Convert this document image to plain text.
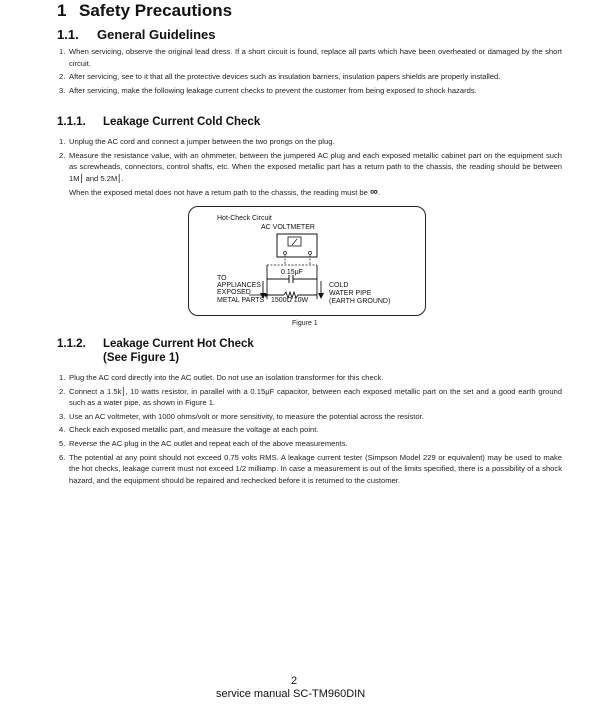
1 Safety Precautions
1.1. General Guidelines
1. When servicing, observe the original lead dress. If a short circuit is found, replace all parts which have been overheated or damaged by the short circuit.
2. After servicing, see to it that all the protective devices such as insulation barriers, insulation papers shields are properly installed.
3. After servicing, make the following leakage current checks to prevent the customer from being exposed to shock hazards.
1.1.1. Leakage Current Cold Check
1. Unplug the AC cord and connect a jumper between the two prongs on the plug.
2. Measure the resistance value, with an ohmmeter, between the jumpered AC plug and each exposed metallic cabinet part on the equipment such as screwheads, connectors, control shafts, etc. When the exposed metallic part has a return path to the chassis, the reading should be between 1M⎮ and 5.2M⎮.
When the exposed metal does not have a return path to the chassis, the reading must be ∞.
Hot-Check Circuit
AC VOLTMETER
0.15μF
TO
APPLIANCES
EXPOSED
METAL PARTS 1500Ω 10W
COLD
WATER PIPE
(EARTH GROUND)
Figure 1
1.1.2. Leakage Current Hot Check
(See Figure 1)
1. Plug the AC cord directly into the AC outlet. Do not use an isolation transformer for this check.
2. Connect a 1.5k⎮, 10 watts resistor, in parallel with a 0.15μF capacitor, between each exposed metallic part on the set and a good earth ground such as a water pipe, as shown in Figure 1.
3. Use an AC voltmeter, with 1000 ohms/volt or more sensitivity, to measure the potential across the resistor.
4. Check each exposed metallic part, and measure the voltage at each point.
5. Reverse the AC plug in the AC outlet and repeat each of the above measurements.
6. The potential at any point should not exceed 0.75 volts RMS. A leakage current tester (Simpson Model 229 or equivalent) may be used to make the hot checks, leakage current must not exceed 1/2 milliamp. In case a measurement is out of the limits specified, there is a possibility of a shock hazard, and the equipment should be repaired and rechecked before it is returned to the customer.
2
service manual SC-TM960DIN
